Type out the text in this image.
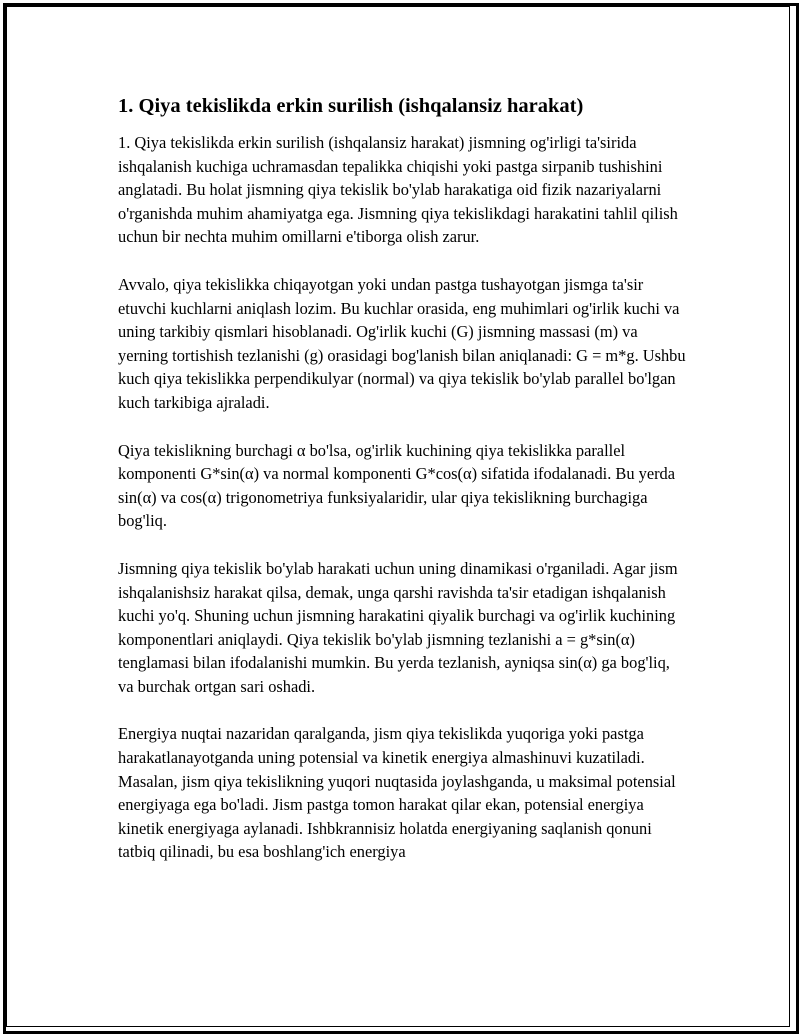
1. Qiya tekislikda erkin surilish (ishqalansiz harakat)

1. Qiya tekislikda erkin surilish (ishqalansiz harakat) jismning og'irligi ta'sirida ishqalanish kuchiga uchramasdan tepalikka chiqishi yoki pastga sirpanib tushishini anglatadi. Bu holat jismning qiya tekislik bo'ylab harakatiga oid fizik nazariyalarni o'rganishda muhim ahamiyatga ega. Jismning qiya tekislikdagi harakatini tahlil qilish uchun bir nechta muhim omillarni e'tiborga olish zarur.

Avvalo, qiya tekislikka chiqayotgan yoki undan pastga tushayotgan jismga ta'sir etuvchi kuchlarni aniqlash lozim. Bu kuchlar orasida, eng muhimlari og'irlik kuchi va uning tarkibiy qismlari hisoblanadi. Og'irlik kuchi (G) jismning massasi (m) va yerning tortishish tezlanishi (g) orasidagi bog'lanish bilan aniqlanadi: G = m*g. Ushbu kuch qiya tekislikka perpendikulyar (normal) va qiya tekislik bo'ylab parallel bo'lgan kuch tarkibiga ajraladi.

Qiya tekislikning burchagi α bo'lsa, og'irlik kuchining qiya tekislikka parallel komponenti G*sin(α) va normal komponenti G*cos(α) sifatida ifodalanadi. Bu yerda sin(α) va cos(α) trigonometriya funksiyalaridir, ular qiya tekislikning burchagiga bog'liq.

Jismning qiya tekislik bo'ylab harakati uchun uning dinamikasi o'rganiladi. Agar jism ishqalanishsiz harakat qilsa, demak, unga qarshi ravishda ta'sir etadigan ishqalanish kuchi yo'q. Shuning uchun jismning harakatini qiyalik burchagi va og'irlik kuchining komponentlari aniqlaydi. Qiya tekislik bo'ylab jismning tezlanishi a = g*sin(α) tenglamasi bilan ifodalanishi mumkin. Bu yerda tezlanish, ayniqsa sin(α) ga bog'liq, va burchak ortgan sari oshadi.

Energiya nuqtai nazaridan qaralganda, jism qiya tekislikda yuqoriga yoki pastga harakatlanayotganda uning potensial va kinetik energiya almashinuvi kuzatiladi. Masalan, jism qiya tekislikning yuqori nuqtasida joylashganda, u maksimal potensial energiyaga ega bo'ladi. Jism pastga tomon harakat qilar ekan, potensial energiya kinetik energiyaga aylanadi. Ishbkrannisiz holatda energiyaning saqlanish qonuni tatbiq qilinadi, bu esa boshlang'ich energiya
